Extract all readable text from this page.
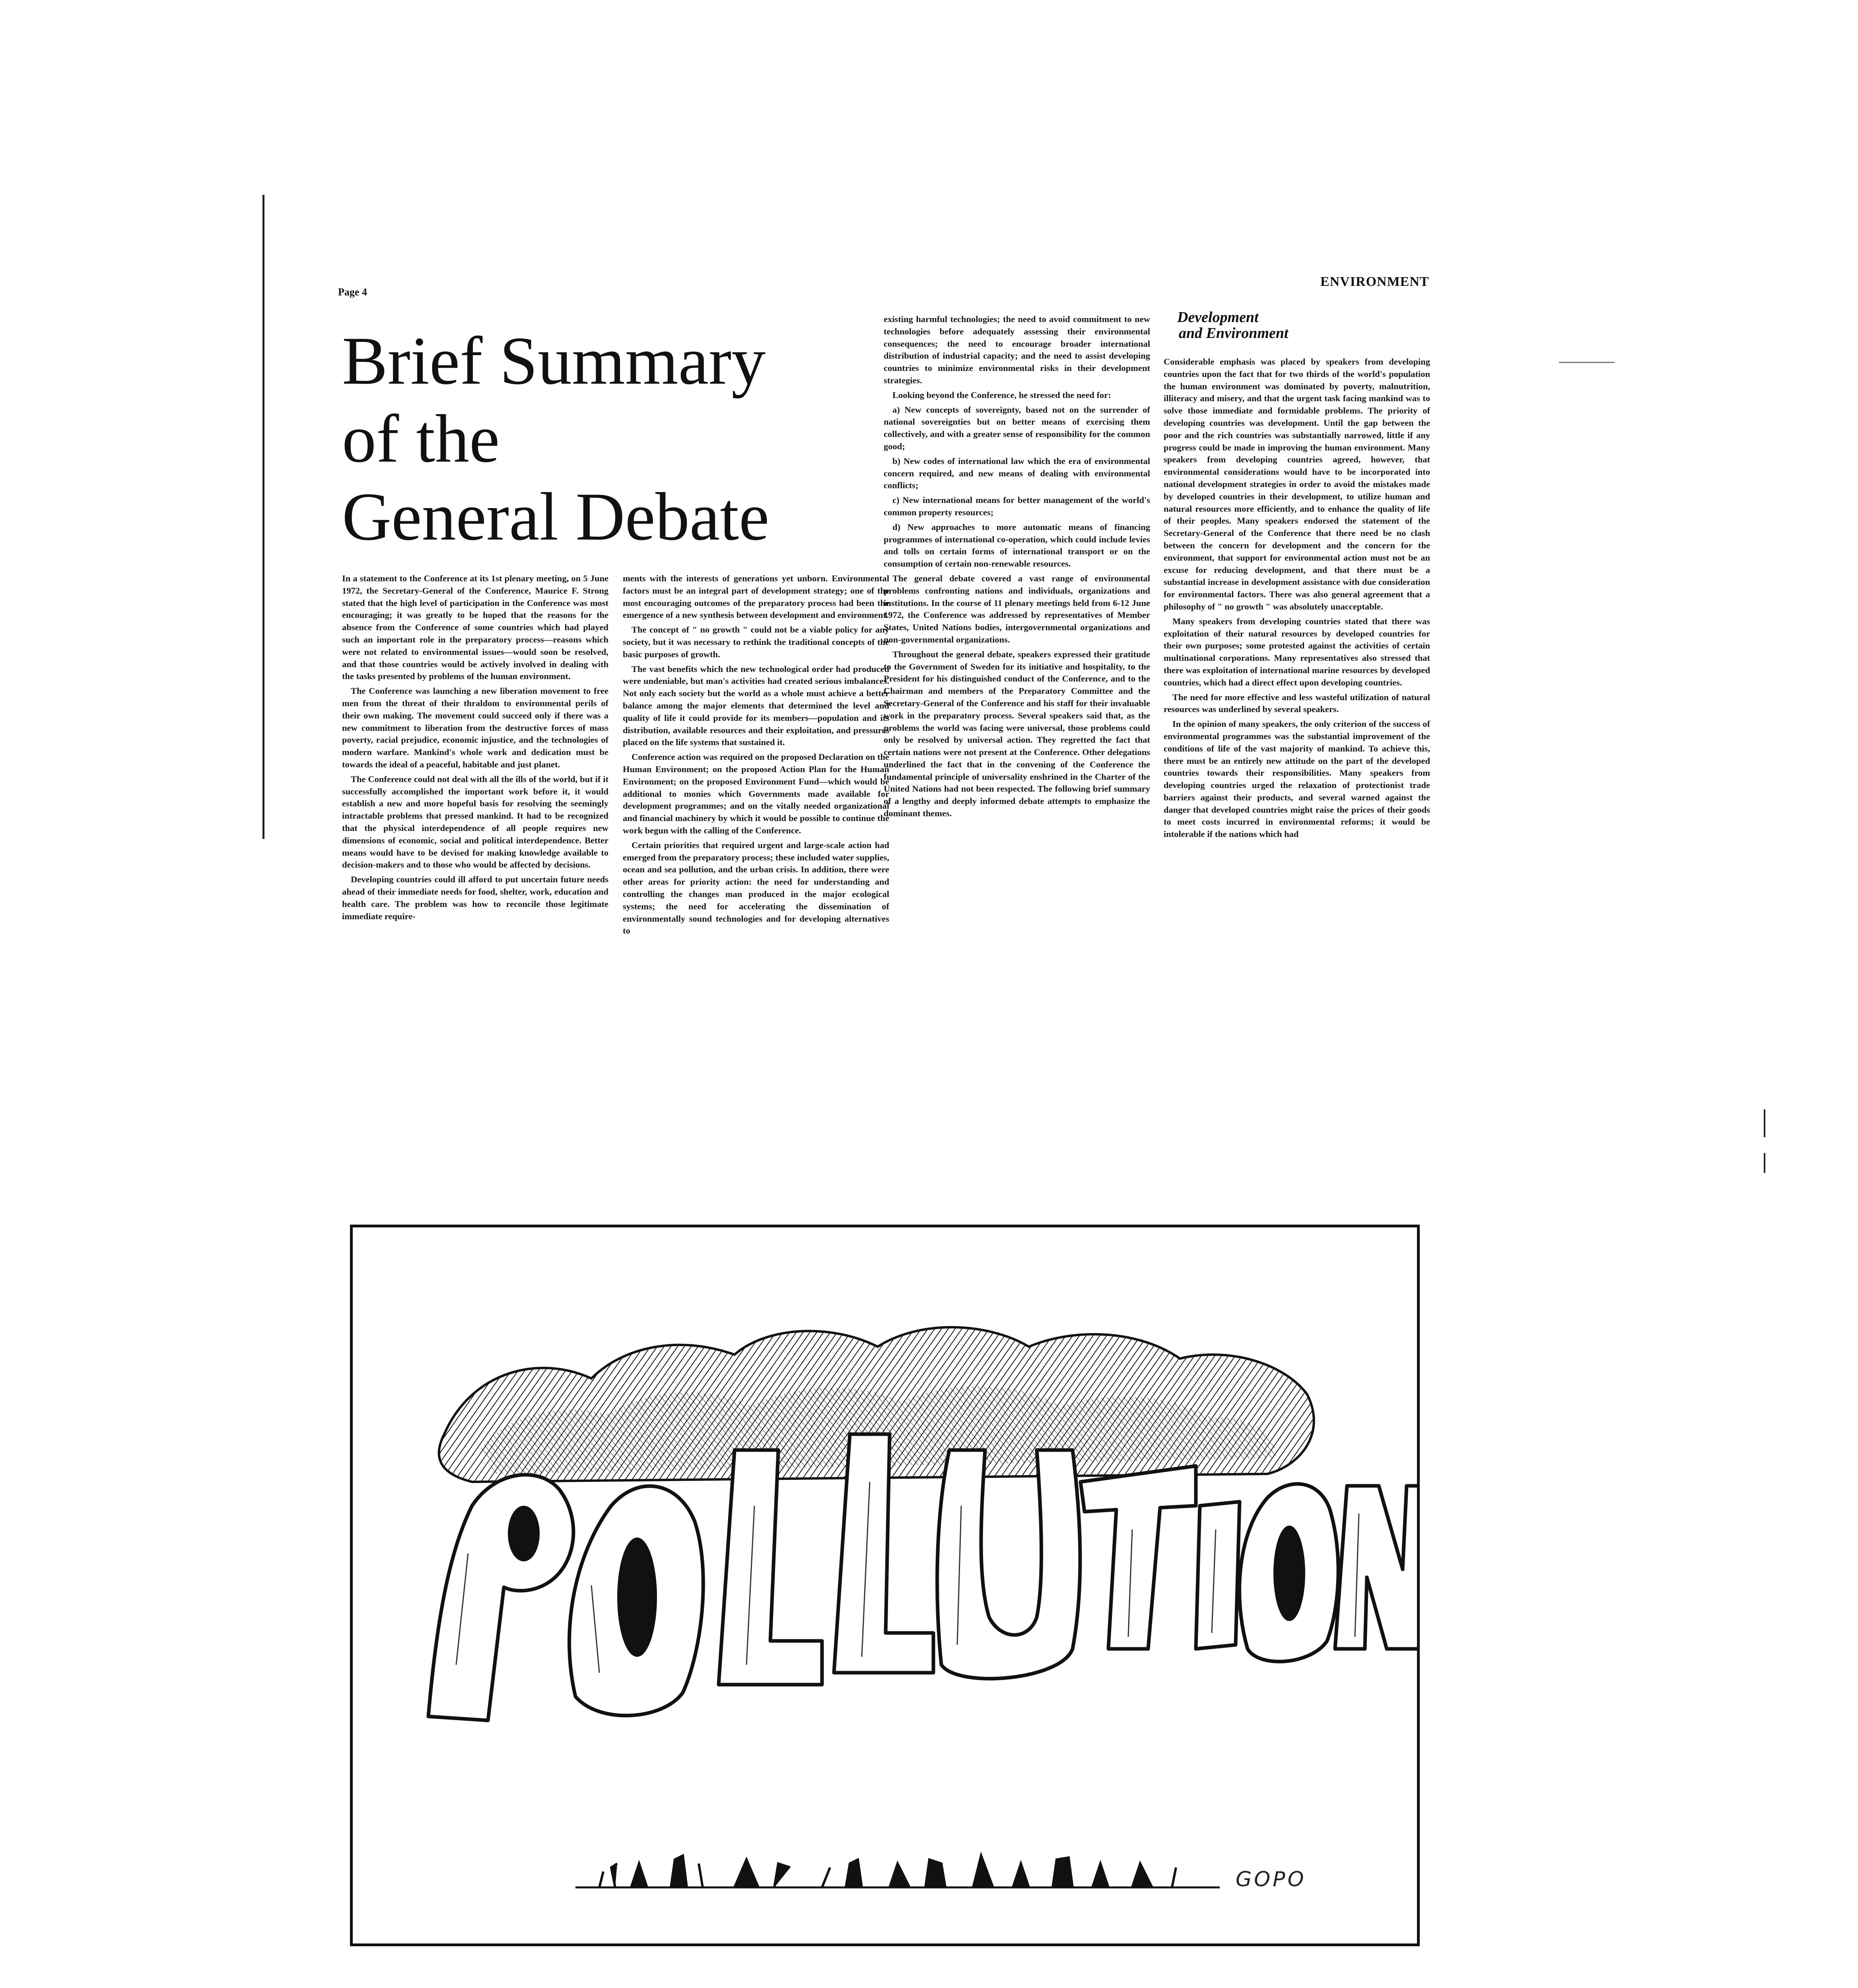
Page 4
ENVIRONMENT
Brief Summary
of the
General Debate

In a statement to the Conference at its 1st plenary meeting, on 5 June 1972, the Secretary-General of the Conference, Maurice F. Strong stated that the high level of participation in the Conference was most encouraging; it was greatly to be hoped that the reasons for the absence from the Conference of some countries which had played such an important role in the preparatory process—reasons which were not related to environmental issues—would soon be resolved, and that those countries would be actively involved in dealing with the tasks presented by problems of the human environment.

The Conference was launching a new liberation movement to free men from the threat of their thraldom to environmental perils of their own making. The movement could succeed only if there was a new commitment to liberation from the destructive forces of mass poverty, racial prejudice, economic injustice, and the technologies of modern warfare. Mankind's whole work and dedication must be towards the ideal of a peaceful, habitable and just planet.

The Conference could not deal with all the ills of the world, but if it successfully accomplished the important work before it, it would establish a new and more hopeful basis for resolving the seemingly intractable problems that pressed mankind. It had to be recognized that the physical interdependence of all people requires new dimensions of economic, social and political interdependence. Better means would have to be devised for making knowledge available to decision-makers and to those who would be affected by decisions.

Developing countries could ill afford to put uncertain future needs ahead of their immediate needs for food, shelter, work, education and health care. The problem was how to reconcile those legitimate immediate require-

ments with the interests of generations yet unborn. Environmental factors must be an integral part of development strategy; one of the most encouraging outcomes of the preparatory process had been the emergence of a new synthesis between development and environment.

The concept of " no growth " could not be a viable policy for any society, but it was necessary to rethink the traditional concepts of the basic purposes of growth.

The vast benefits which the new technological order had produced were undeniable, but man's activities had created serious imbalances. Not only each society but the world as a whole must achieve a better balance among the major elements that determined the level and quality of life it could provide for its members—population and its distribution, available resources and their exploitation, and pressures placed on the life systems that sustained it.

Conference action was required on the proposed Declaration on the Human Environment; on the proposed Action Plan for the Human Environment; on the proposed Environment Fund—which would be additional to monies which Governments made available for development programmes; and on the vitally needed organizational and financial machinery by which it would be possible to continue the work begun with the calling of the Conference.

Certain priorities that required urgent and large-scale action had emerged from the preparatory process; these included water supplies, ocean and sea pollution, and the urban crisis. In addition, there were other areas for priority action: the need for understanding and controlling the changes man produced in the major ecological systems; the need for accelerating the dissemination of environmentally sound technologies and for developing alternatives to

existing harmful technologies; the need to avoid commitment to new technologies before adequately assessing their environmental consequences; the need to encourage broader international distribution of industrial capacity; and the need to assist developing countries to minimize environmental risks in their development strategies.

Looking beyond the Conference, he stressed the need for:

a) New concepts of sovereignty, based not on the surrender of national sovereignties but on better means of exercising them collectively, and with a greater sense of responsibility for the common good;

b) New codes of international law which the era of environmental concern required, and new means of dealing with environmental conflicts;

c) New international means for better management of the world's common property resources;

d) New approaches to more automatic means of financing programmes of international co-operation, which could include levies and tolls on certain forms of international transport or on the consumption of certain non-renewable resources.

The general debate covered a vast range of environmental problems confronting nations and individuals, organizations and institutions. In the course of 11 plenary meetings held from 6-12 June 1972, the Conference was addressed by representatives of Member States, United Nations bodies, intergovernmental organizations and non-governmental organizations.

Throughout the general debate, speakers expressed their gratitude to the Government of Sweden for its initiative and hospitality, to the President for his distinguished conduct of the Conference, and to the Chairman and members of the Preparatory Committee and the Secretary-General of the Conference and his staff for their invaluable work in the preparatory process. Several speakers said that, as the problems the world was facing were universal, those problems could only be resolved by universal action. They regretted the fact that certain nations were not present at the Conference. Other delegations underlined the fact that in the convening of the Conference the fundamental principle of universality enshrined in the Charter of the United Nations had not been respected. The following brief summary of a lengthy and deeply informed debate attempts to emphasize the dominant themes.

Development
and Environment

Considerable emphasis was placed by speakers from developing countries upon the fact that for two thirds of the world's population the human environment was dominated by poverty, malnutrition, illiteracy and misery, and that the urgent task facing mankind was to solve those immediate and formidable problems. The priority of developing countries was development. Until the gap between the poor and the rich countries was substantially narrowed, little if any progress could be made in improving the human environment. Many speakers from developing countries agreed, however, that environmental considerations would have to be incorporated into national development strategies in order to avoid the mistakes made by developed countries in their development, to utilize human and natural resources more efficiently, and to enhance the quality of life of their peoples. Many speakers endorsed the statement of the Secretary-General of the Conference that there need be no clash between the concern for development and the concern for the environment, that support for environmental action must not be an excuse for reducing development, and that there must be a substantial increase in development assistance with due consideration for environmental factors. There was also general agreement that a philosophy of " no growth " was absolutely unacceptable.

Many speakers from developing countries stated that there was exploitation of their natural resources by developed countries for their own purposes; some protested against the activities of certain multinational corporations. Many representatives also stressed that there was exploitation of international marine resources by developed countries, which had a direct effect upon developing countries.

The need for more effective and less wasteful utilization of natural resources was underlined by several speakers.

In the opinion of many speakers, the only criterion of the success of environmental programmes was the substantial improvement of the conditions of life of the vast majority of mankind. To achieve this, there must be an entirely new attitude on the part of the developed countries towards their responsibilities. Many speakers from developing countries urged the relaxation of protectionist trade barriers against their products, and several warned against the danger that developed countries might raise the prices of their goods to meet costs incurred in environmental reforms; it would be intolerable if the nations which had

GOPO
